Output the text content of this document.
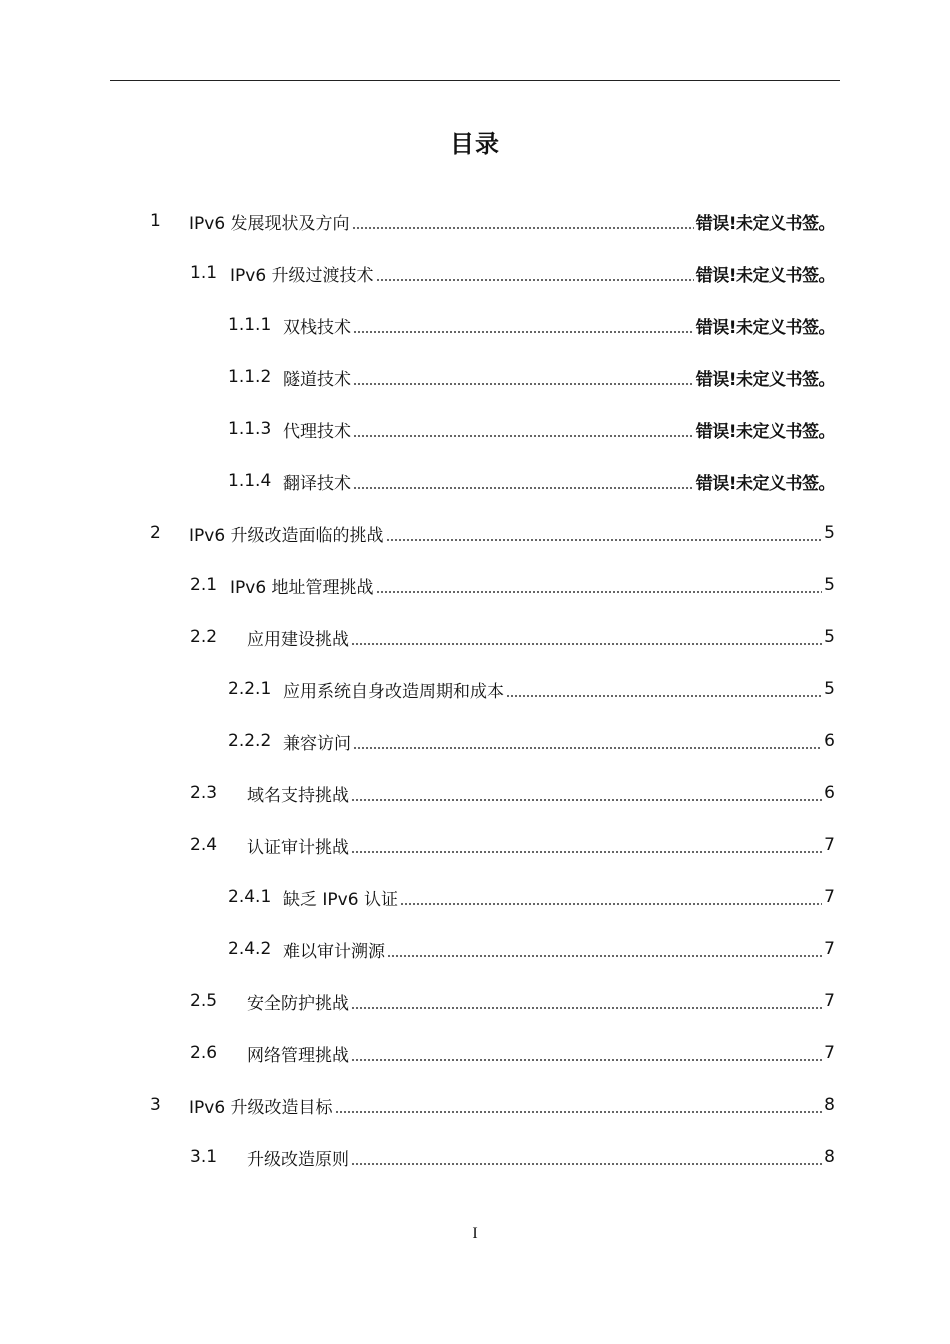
目录
1	IPv6 发展现状及方向	错误!未定义书签。
1.1 IPv6 升级过渡技术	错误!未定义书签。
1.1.1 双栈技术	错误!未定义书签。
1.1.2 隧道技术	错误!未定义书签。
1.1.3 代理技术	错误!未定义书签。
1.1.4 翻译技术	错误!未定义书签。
2	IPv6 升级改造面临的挑战	5
2.1 IPv6 地址管理挑战	5
2.2	应用建设挑战	5
2.2.1 应用系统自身改造周期和成本	5
2.2.2 兼容访问	6
2.3	域名支持挑战	6
2.4	认证审计挑战	7
2.4.1 缺乏 IPv6 认证	7
2.4.2 难以审计溯源	7
2.5	安全防护挑战	7
2.6	网络管理挑战	7
3	IPv6 升级改造目标	8
3.1	升级改造原则	8
I
